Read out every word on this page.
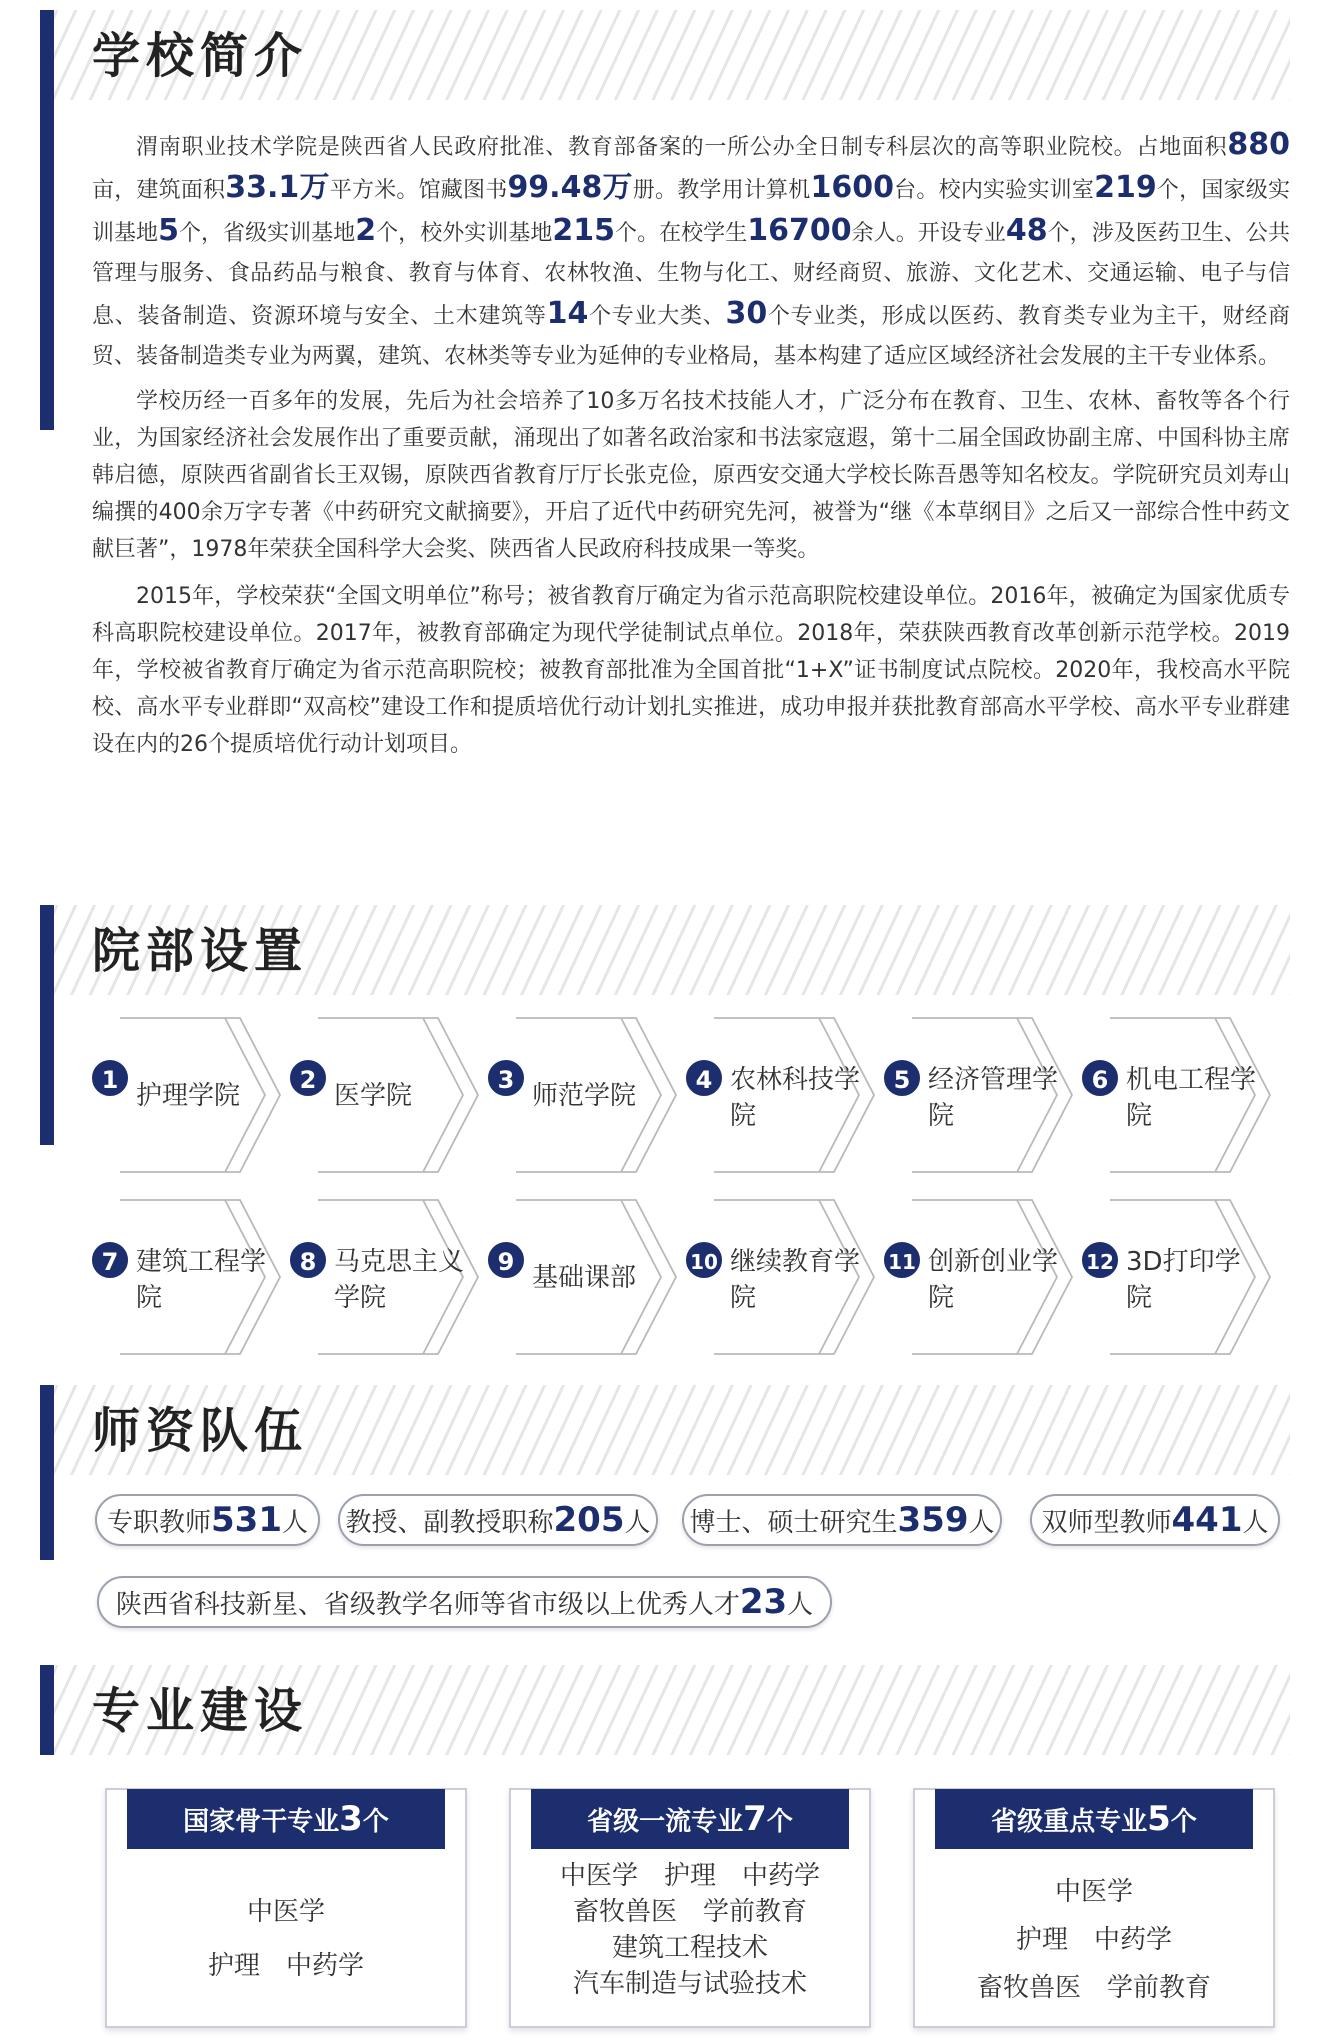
学校简介

渭南职业技术学院是陕西省人民政府批准、教育部备案的一所公办全日制专科层次的高等职业院校。占地面积880亩，建筑面积33.1万平方米。馆藏图书99.48万册。教学用计算机1600台。校内实验实训室219个，国家级实训基地5个，省级实训基地2个，校外实训基地215个。在校学生16700余人。开设专业48个，涉及医药卫生、公共管理与服务、食品药品与粮食、教育与体育、农林牧渔、生物与化工、财经商贸、旅游、文化艺术、交通运输、电子与信息、装备制造、资源环境与安全、土木建筑等14个专业大类、30个专业类，形成以医药、教育类专业为主干，财经商贸、装备制造类专业为两翼，建筑、农林类等专业为延伸的专业格局，基本构建了适应区域经济社会发展的主干专业体系。

学校历经一百多年的发展，先后为社会培养了10多万名技术技能人才，广泛分布在教育、卫生、农林、畜牧等各个行业，为国家经济社会发展作出了重要贡献，涌现出了如著名政治家和书法家寇遐，第十二届全国政协副主席、中国科协主席韩启德，原陕西省副省长王双锡，原陕西省教育厅厅长张克俭，原西安交通大学校长陈吾愚等知名校友。学院研究员刘寿山编撰的400余万字专著《中药研究文献摘要》，开启了近代中药研究先河，被誉为“继《本草纲目》之后又一部综合性中药文献巨著”，1978年荣获全国科学大会奖、陕西省人民政府科技成果一等奖。

2015年，学校荣获“全国文明单位”称号；被省教育厅确定为省示范高职院校建设单位。2016年，被确定为国家优质专科高职院校建设单位。2017年，被教育部确定为现代学徒制试点单位。2018年，荣获陕西教育改革创新示范学校。2019年，学校被省教育厅确定为省示范高职院校；被教育部批准为全国首批“1+X”证书制度试点院校。2020年，我校高水平院校、高水平专业群即“双高校”建设工作和提质培优行动计划扎实推进，成功申报并获批教育部高水平学校、高水平专业群建设在内的26个提质培优行动计划项目。

院部设置
1
护理学院
2
医学院
3
师范学院
4 农林科技学院
5 经济管理学院
6 机电工程学院
7 建筑工程学院
8 马克思主义学院
9
基础课部
10 继续教育学院
11 创新创业学院
12 3D打印学院
师资队伍
专职教师531人	教授、副教授职称205人 博士、硕士研究生359人	双师型教师441人
陕西省科技新星、省级教学名师等省市级以上优秀人才23人
专业建设
国家骨干专业3个
中医学
护理　中药学
省级一流专业7个
中医学　护理　中药学
畜牧兽医　学前教育
建筑工程技术
汽车制造与试验技术
省级重点专业5个
中医学
护理　中药学
畜牧兽医　学前教育
